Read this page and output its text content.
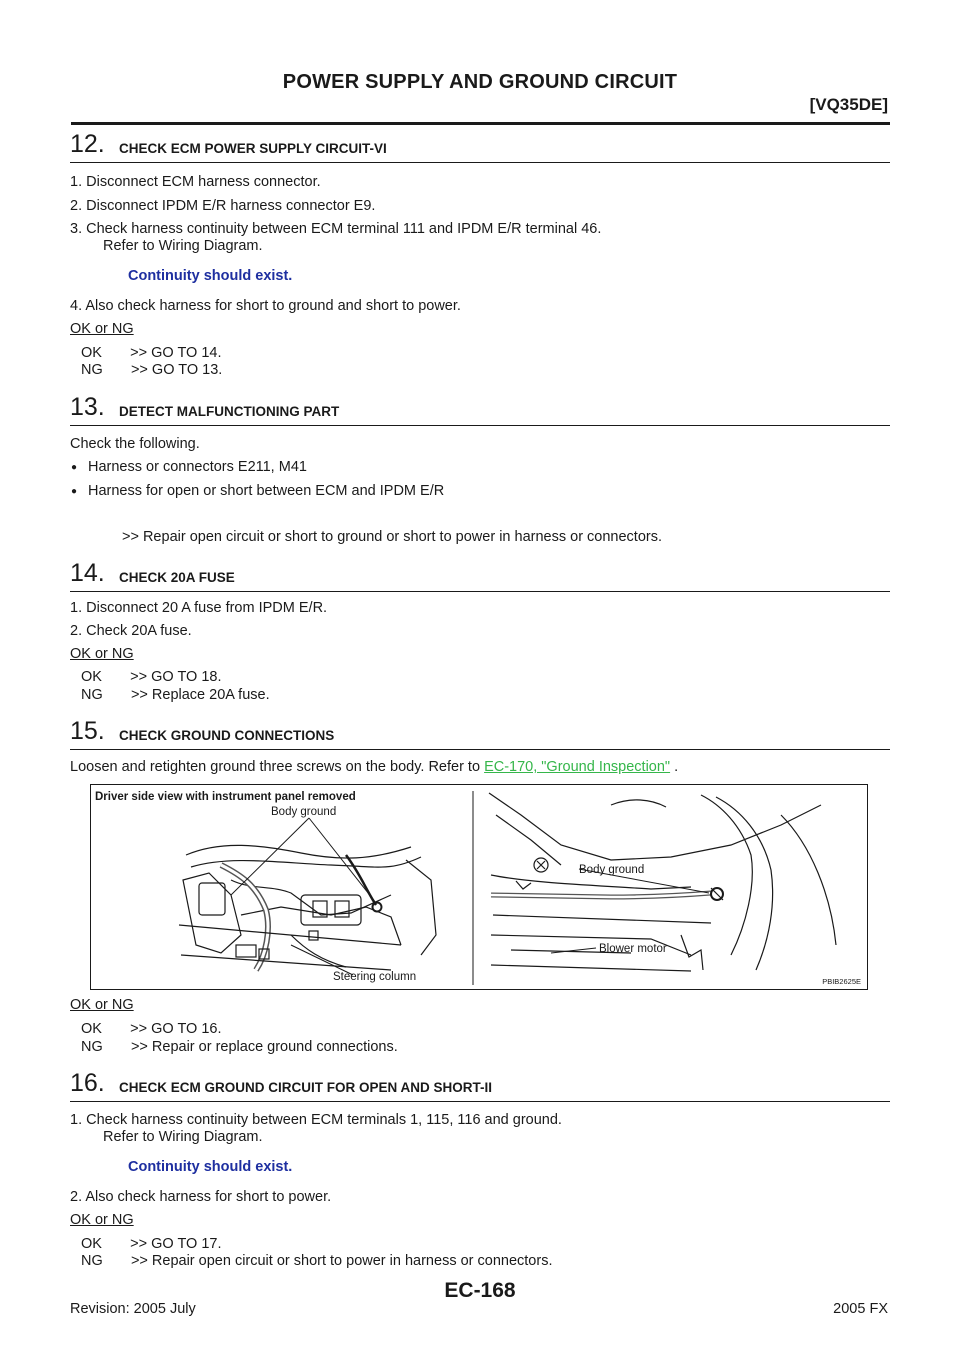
POWER SUPPLY AND GROUND CIRCUIT
[VQ35DE]
12. CHECK ECM POWER SUPPLY CIRCUIT-VI
1. Disconnect ECM harness connector.
2. Disconnect IPDM E/R harness connector E9.
3. Check harness continuity between ECM terminal 111 and IPDM E/R terminal 46.
Refer to Wiring Diagram.
Continuity should exist.
4. Also check harness for short to ground and short to power.
OK or NG
OK       >> GO TO 14.
NG       >> GO TO 13.
13. DETECT MALFUNCTIONING PART
Check the following.
● Harness or connectors E211, M41
● Harness for open or short between ECM and IPDM E/R
>> Repair open circuit or short to ground or short to power in harness or connectors.
14. CHECK 20A FUSE
1. Disconnect 20 A fuse from IPDM E/R.
2. Check 20A fuse.
OK or NG
OK       >> GO TO 18.
NG       >> Replace 20A fuse.
15. CHECK GROUND CONNECTIONS
Loosen and retighten ground three screws on the body. Refer to EC-170, "Ground Inspection" .
Driver side view with instrument panel removed
Body ground
Steering column
Body ground
Blower motor
PBIB2625E
OK or NG
OK       >> GO TO 16.
NG       >> Repair or replace ground connections.
16. CHECK ECM GROUND CIRCUIT FOR OPEN AND SHORT-II
1. Check harness continuity between ECM terminals 1, 115, 116 and ground.
Refer to Wiring Diagram.
Continuity should exist.
2. Also check harness for short to power.
OK or NG
OK       >> GO TO 17.
NG       >> Repair open circuit or short to power in harness or connectors.
EC-168
Revision: 2005 July	2005 FX
